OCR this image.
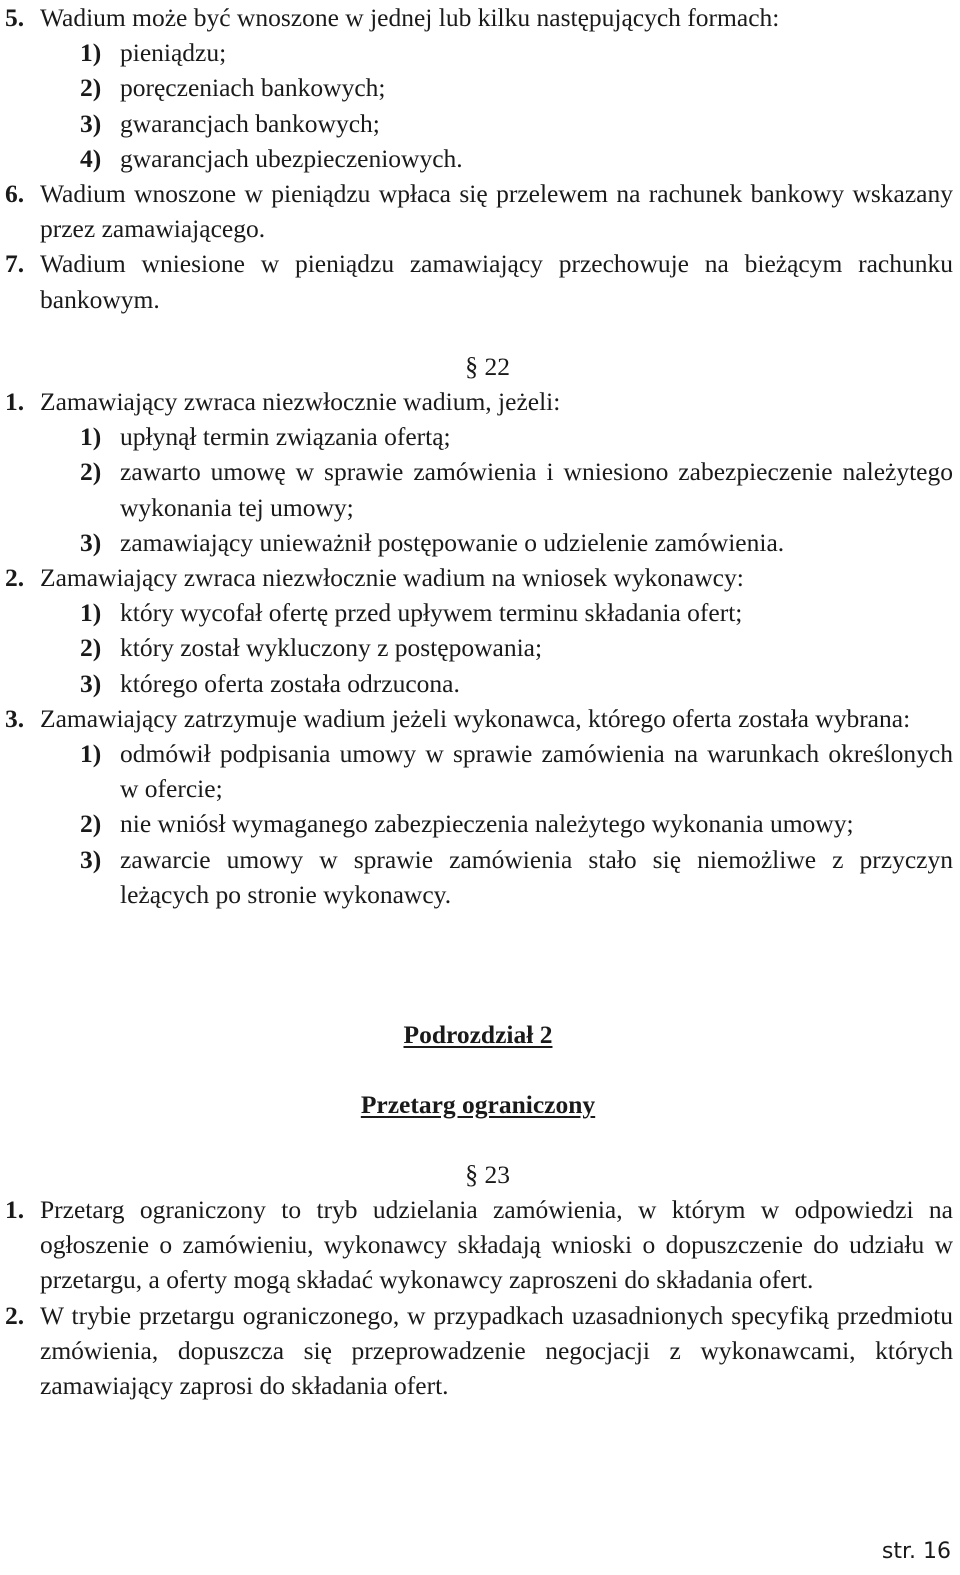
5. Wadium może być wnoszone w jednej lub kilku następujących formach:
1) pieniądzu;
2) poręczeniach bankowych;
3) gwarancjach bankowych;
4) gwarancjach ubezpieczeniowych.
6. Wadium wnoszone w pieniądzu wpłaca się przelewem na rachunek bankowy wskazany przez zamawiającego.
7. Wadium wniesione w pieniądzu zamawiający przechowuje na bieżącym rachunku bankowym.
§ 22
1. Zamawiający zwraca niezwłocznie wadium, jeżeli:
1) upłynął termin związania ofertą;
2) zawarto umowę w sprawie zamówienia i wniesiono zabezpieczenie należytego wykonania tej umowy;
3) zamawiający unieważnił postępowanie o udzielenie zamówienia.
2. Zamawiający zwraca niezwłocznie wadium na wniosek wykonawcy:
1) który wycofał ofertę przed upływem terminu składania ofert;
2) który został wykluczony z postępowania;
3) którego oferta została odrzucona.
3. Zamawiający zatrzymuje wadium jeżeli wykonawca, którego oferta została wybrana:
1) odmówił podpisania umowy w sprawie zamówienia na warunkach określonych w ofercie;
2) nie wniósł wymaganego zabezpieczenia należytego wykonania umowy;
3) zawarcie umowy w sprawie zamówienia stało się niemożliwe z przyczyn leżących po stronie wykonawcy.
Podrozdział 2
Przetarg ograniczony
§ 23
1. Przetarg ograniczony to tryb udzielania zamówienia, w którym w odpowiedzi na ogłoszenie o zamówieniu, wykonawcy składają wnioski o dopuszczenie do udziału w przetargu, a oferty mogą składać wykonawcy zaproszeni do składania ofert.
2. W trybie przetargu ograniczonego, w przypadkach uzasadnionych specyfiką przedmiotu zmówienia, dopuszcza się przeprowadzenie negocjacji z wykonawcami, których zamawiający zaprosi do składania ofert.
str. 16
